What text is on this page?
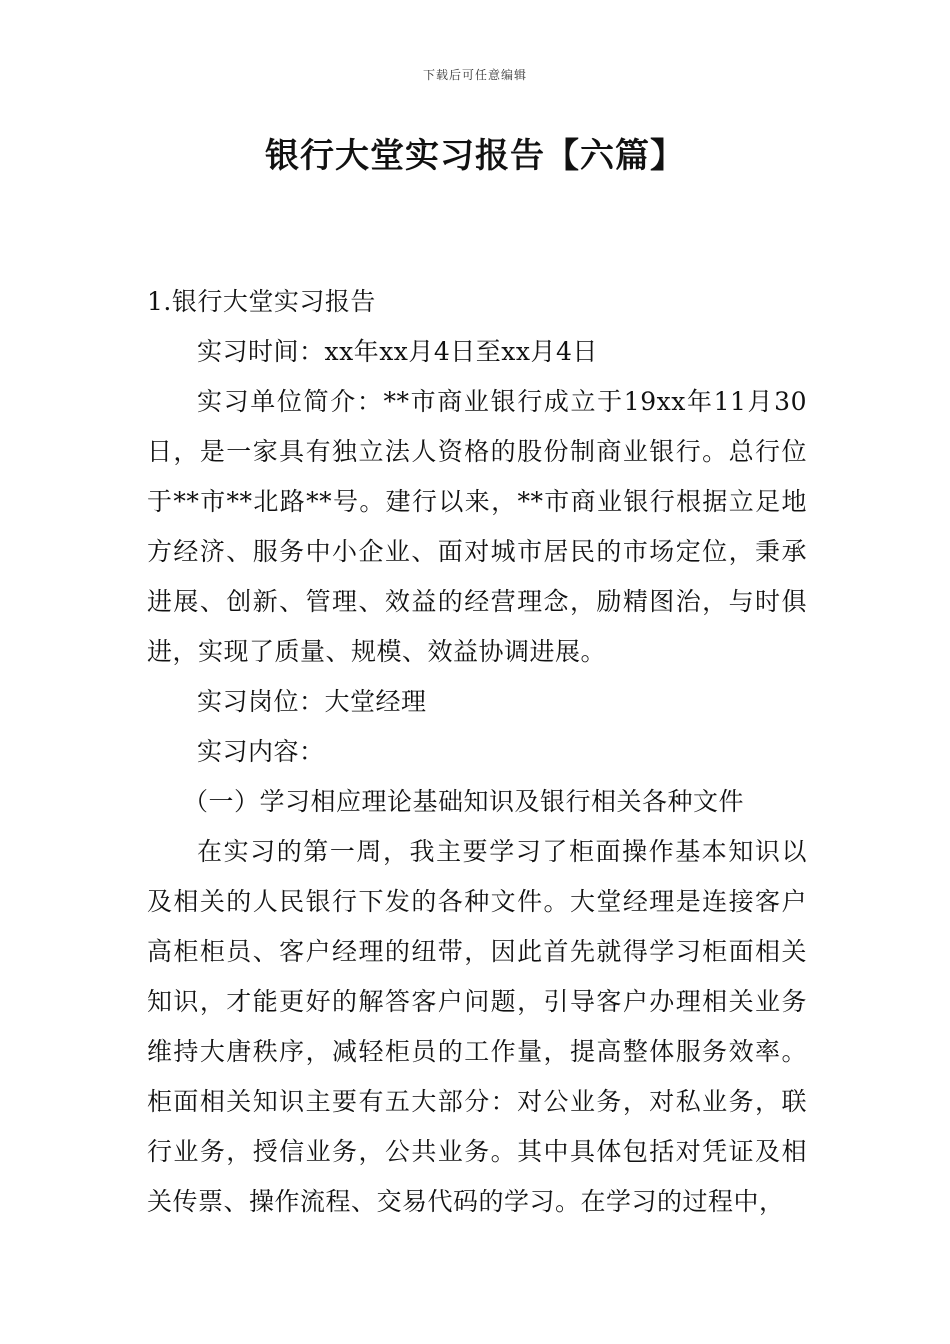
下载后可任意编辑
银行大堂实习报告【六篇】

1.银行大堂实习报告

实习时间：xx年xx月4日至xx月4日

实习单位简介：**市商业银行成立于19xx年11月30日，是一家具有独立法人资格的股份制商业银行。总行位于**市**北路**号。建行以来，**市商业银行根据立足地方经济、服务中小企业、面对城市居民的市场定位，秉承进展、创新、管理、效益的经营理念，励精图治，与时俱进，实现了质量、规模、效益协调进展。

实习岗位：大堂经理

实习内容：

（一）学习相应理论基础知识及银行相关各种文件

在实习的第一周，我主要学习了柜面操作基本知识以及相关的人民银行下发的各种文件。大堂经理是连接客户高柜柜员、客户经理的纽带，因此首先就得学习柜面相关知识，才能更好的解答客户问题，引导客户办理相关业务维持大唐秩序，减轻柜员的工作量，提高整体服务效率。柜面相关知识主要有五大部分：对公业务，对私业务，联行业务，授信业务，公共业务。其中具体包括对凭证及相关传票、操作流程、交易代码的学习。在学习的过程中，
